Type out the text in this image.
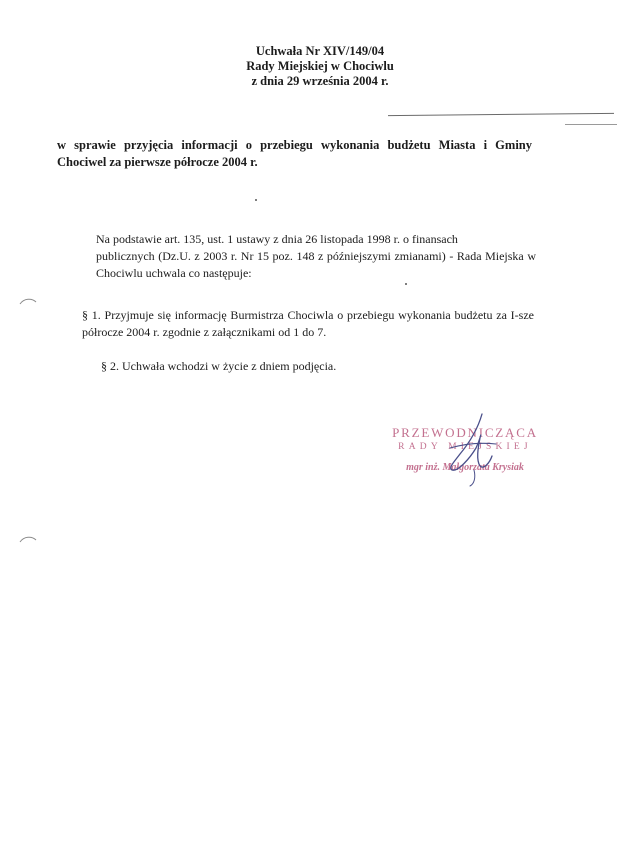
Uchwała Nr XIV/149/04
Rady Miejskiej w Chociwlu
z dnia 29 września 2004 r.
w sprawie przyjęcia informacji o przebiegu wykonania budżetu Miasta i Gminy Chociwel za pierwsze półrocze 2004 r.
Na podstawie art. 135, ust. 1 ustawy z dnia 26 listopada 1998 r. o finansach
publicznych (Dz.U. z 2003 r. Nr 15 poz. 148 z późniejszymi zmianami) - Rada Miejska w Chociwlu uchwala co następuje:
§ 1. Przyjmuje się informację Burmistrza Chociwla o przebiegu wykonania budżetu za I-sze półrocze 2004 r. zgodnie z załącznikami od 1 do 7.
§ 2. Uchwała wchodzi w życie z dniem podjęcia.
PRZEWODNICZĄCA
RADY MIEJSKIEJ
mgr inż. Małgorzata Krysiak
